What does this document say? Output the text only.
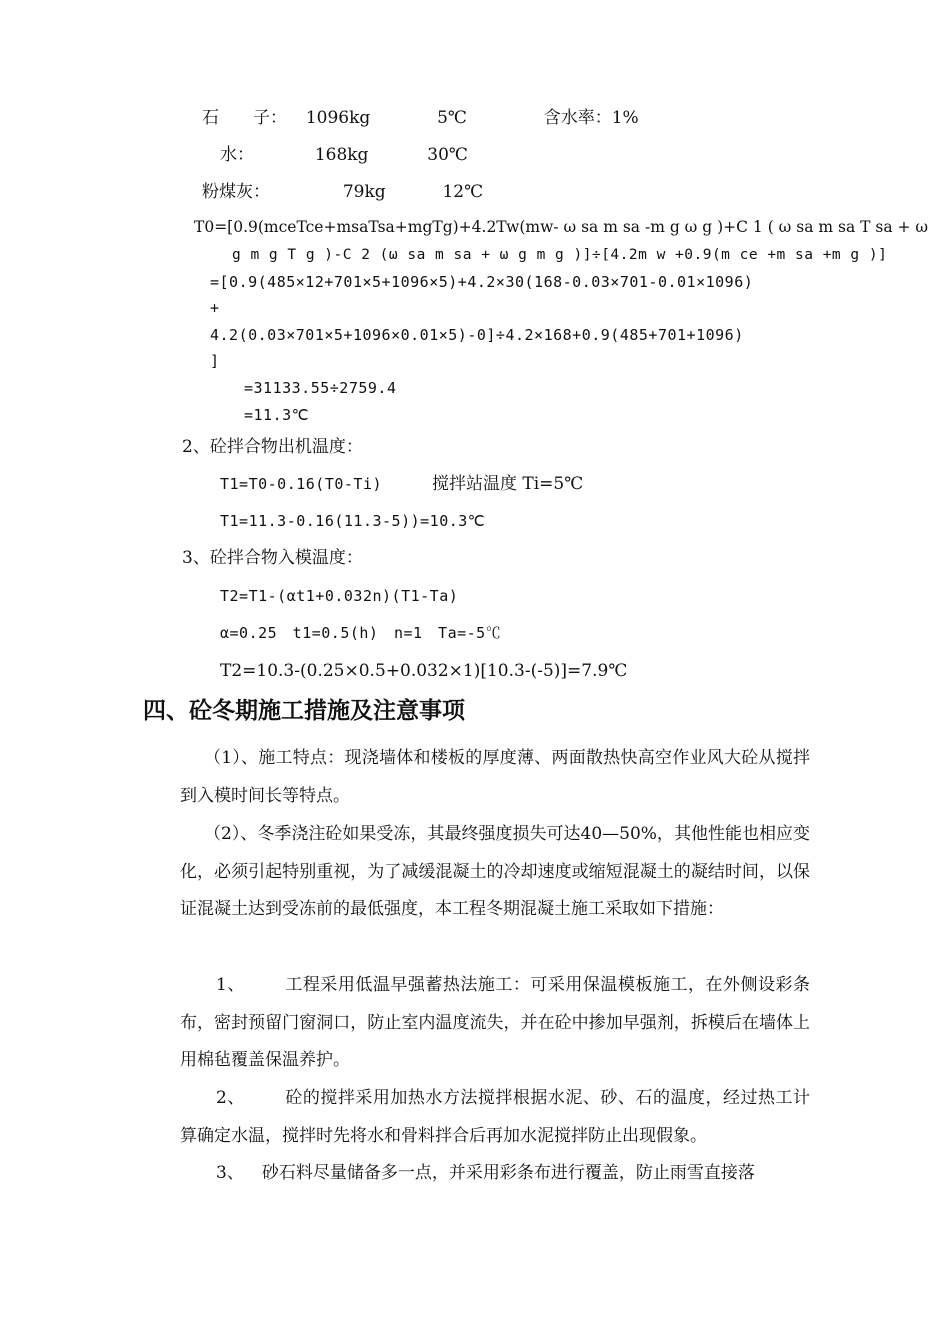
石　　子： 1096kg	5℃	含水率：1%
水：	168kg	30℃
粉煤灰：	79kg	12℃
T0=[0.9(mceTce+msaTsa+mgTg)+4.2Tw(mw- ω sa m sa -m g ω g )+C 1 ( ω sa m sa T sa + ω
g m g T g )-C 2 (ω sa m sa + ω g m g )]÷[4.2m w +0.9(m ce +m sa +m g )]
=[0.9(485×12+701×5+1096×5)+4.2×30(168-0.03×701-0.01×1096)
+
4.2(0.03×701×5+1096×0.01×5)-0]÷4.2×168+0.9(485+701+1096)
]
=31133.55÷2759.4
=11.3℃
2、砼拌合物出机温度：
T1=T0-0.16(T0-Ti)	搅拌站温度 Ti=5℃
T1=11.3-0.16(11.3-5))=10.3℃
3、砼拌合物入模温度：
T2=T1-(αt1+0.032n)(T1-Ta)
α=0.25　t1=0.5(h)　n=1　Ta=-5℃
T2=10.3-(0.25×0.5+0.032×1)[10.3-(-5)]=7.9℃
四、砼冬期施工措施及注意事项

（1）、施工特点：现浇墙体和楼板的厚度薄、两面散热快高空作业风大砼从搅拌到入模时间长等特点。

（2）、冬季浇注砼如果受冻，其最终强度损失可达40—50%，其他性能也相应变化，必须引起特别重视，为了减缓混凝土的冷却速度或缩短混凝土的凝结时间，以保证混凝土达到受冻前的最低强度，本工程冬期混凝土施工采取如下措施：

1、 工程采用低温早强蓄热法施工：可采用保温模板施工，在外侧设彩条布，密封预留门窗洞口，防止室内温度流失，并在砼中掺加早强剂，拆模后在墙体上用棉毡覆盖保温养护。

2、 砼的搅拌采用加热水方法搅拌根据水泥、砂、石的温度，经过热工计算确定水温，搅拌时先将水和骨料拌合后再加水泥搅拌防止出现假象。

3、 砂石料尽量储备多一点，并采用彩条布进行覆盖，防止雨雪直接落
